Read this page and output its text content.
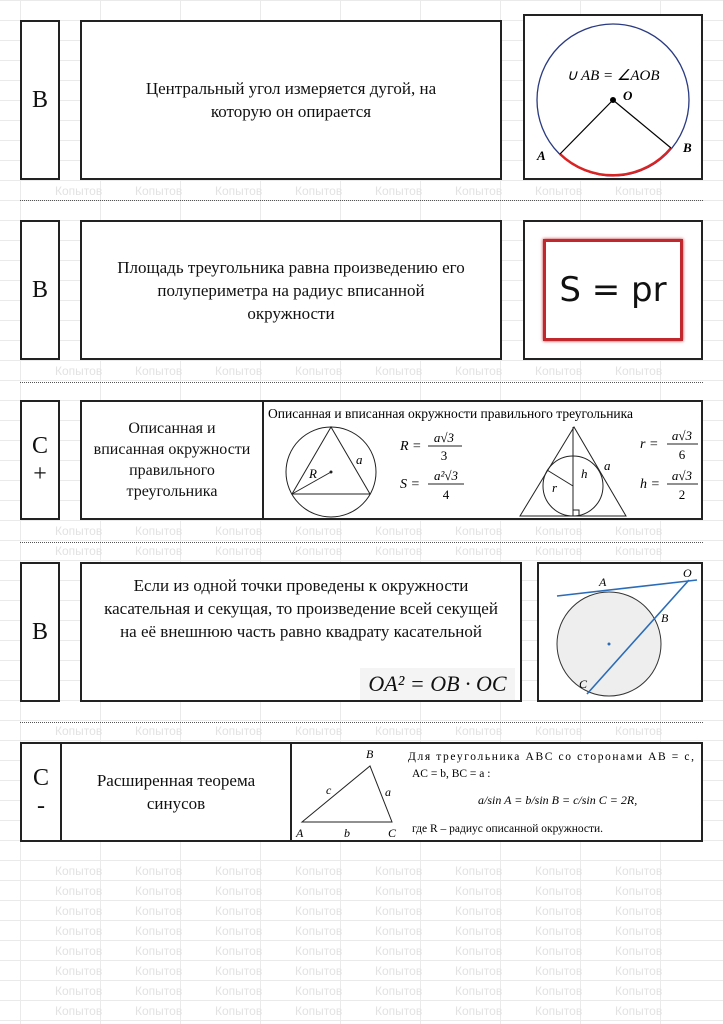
Копытов	Копытов	Копытов	Копытов	Копытов	Копытов	Копытов	Копытов
Копытов	Копытов	Копытов	Копытов	Копытов	Копытов	Копытов	Копытов
Копытов	Копытов	Копытов	Копытов	Копытов	Копытов	Копытов	Копытов
Копытов	Копытов	Копытов	Копытов	Копытов	Копытов	Копытов	Копытов
Копытов	Копытов	Копытов	Копытов	Копытов	Копытов	Копытов	Копытов
Копытов	Копытов	Копытов	Копытов	Копытов	Копытов	Копытов	Копытов
Копытов	Копытов	Копытов	Копытов	Копытов	Копытов	Копытов	Копытов
Копытов	Копытов	Копытов	Копытов	Копытов	Копытов	Копытов	Копытов
Копытов	Копытов	Копытов	Копытов	Копытов	Копытов	Копытов	Копытов
Копытов	Копытов	Копытов	Копытов	Копытов	Копытов	Копытов	Копытов
Копытов	Копытов	Копытов	Копытов	Копытов	Копытов	Копытов	Копытов
Копытов	Копытов	Копытов	Копытов	Копытов	Копытов	Копытов	Копытов
Копытов	Копытов	Копытов	Копытов	Копытов	Копытов	Копытов	Копытов
В	Центральный угол измеряется дугой, на которую он опирается
∪ AB = ∠AOB
O
A
B
В
Площадь треугольника равна произведению его полупериметра на радиус вписанной окружности
S = pr
С
+
Описанная и вписанная окружности правильного треугольника
Описанная и вписанная окружности правильного треугольника
R
a
R =
a√3
3
S =
a²√3
4
h
r
a
r =
a√3
6
h =
a√3
2
В
Если из одной точки проведены к окружности касательная и секущая, то произведение всей секущей на её внешнюю часть равно квадрату касательной
OA² = OB · OC
A
O
B
C
С
-
Расширенная теорема синусов
B
A	C
c	a
b
Для треугольника ABC со сторонами AB = c,
AC = b, BC = a :
a/sin A = b/sin B = c/sin C = 2R,
где R – радиус описанной окружности.
